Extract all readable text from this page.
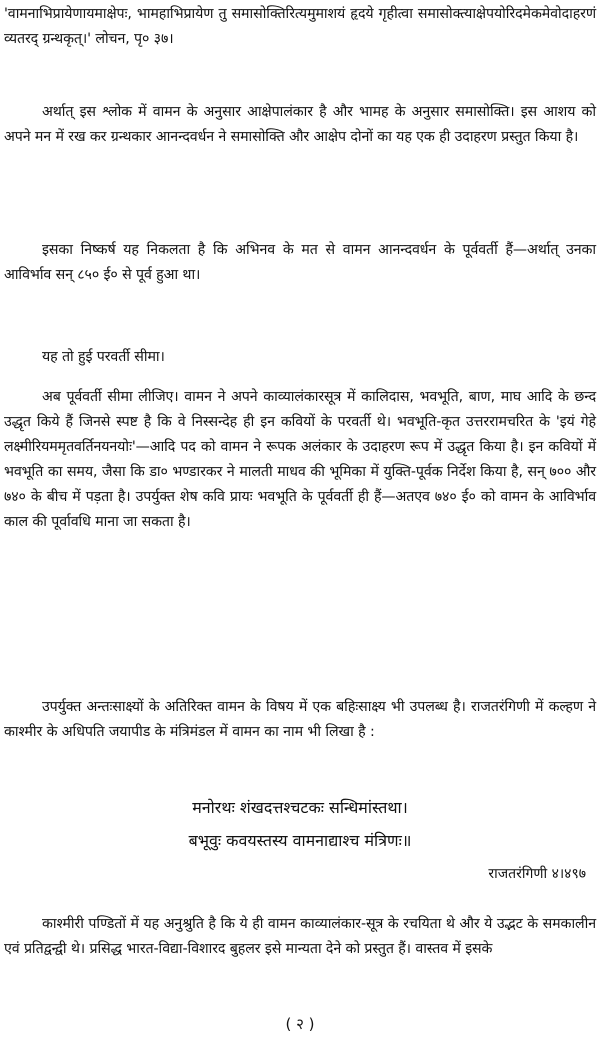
'वामनाभिप्रायेणायमाक्षेपः, भामहाभिप्रायेण तु समासोक्तिरित्यमुमाशयं हृदये गृहीत्वा समासोक्त्याक्षेपयोरिदमेकमेवोदाहरणं व्यतरद् ग्रन्थकृत्।' लोचन, पृ० ३७।

अर्थात् इस श्लोक में वामन के अनुसार आक्षेपालंकार है और भामह के अनुसार समासोक्ति। इस आशय को अपने मन में रख कर ग्रन्थकार आनन्दवर्धन ने समासोक्ति और आक्षेप दोनों का यह एक ही उदाहरण प्रस्तुत किया है।

इसका निष्कर्ष यह निकलता है कि अभिनव के मत से वामन आनन्दवर्धन के पूर्ववर्ती हैं—अर्थात् उनका आविर्भाव सन् ८५० ई० से पूर्व हुआ था।

यह तो हुई परवर्ती सीमा।

अब पूर्ववर्ती सीमा लीजिए। वामन ने अपने काव्यालंकारसूत्र में कालिदास, भवभूति, बाण, माघ आदि के छन्द उद्धृत किये हैं जिनसे स्पष्ट है कि वे निस्सन्देह ही इन कवियों के परवर्ती थे। भवभूति-कृत उत्तररामचरित के 'इयं गेहे लक्ष्मीरियममृतवर्तिनयनयोः'—आदि पद को वामन ने रूपक अलंकार के उदाहरण रूप में उद्धृत किया है। इन कवियों में भवभूति का समय, जैसा कि डा० भण्डारकर ने मालती माधव की भूमिका में युक्ति-पूर्वक निर्देश किया है, सन् ७०० और ७४० के बीच में पड़ता है। उपर्युक्त शेष कवि प्रायः भवभूति के पूर्ववर्ती ही हैं—अतएव ७४० ई० को वामन के आविर्भाव काल की पूर्वावधि माना जा सकता है।

उपर्युक्त अन्तःसाक्ष्यों के अतिरिक्त वामन के विषय में एक बहिःसाक्ष्य भी उपलब्ध है। राजतरंगिणी में कल्हण ने काश्मीर के अधिपति जयापीड के मंत्रिमंडल में वामन का नाम भी लिखा है :

मनोरथः शंखदत्तश्चटकः सन्धिमांस्तथा।

बभूवुः कवयस्तस्य वामनाद्याश्च मंत्रिणः॥

राजतरंगिणी ४।४९७

काश्मीरी पण्डितों में यह अनुश्रुति है कि ये ही वामन काव्यालंकार-सूत्र के रचयिता थे और ये उद्भट के समकालीन एवं प्रतिद्वन्द्वी थे। प्रसिद्ध भारत-विद्या-विशारद बुहलर इसे मान्यता देने को प्रस्तुत हैं। वास्तव में इसके

( २ )
